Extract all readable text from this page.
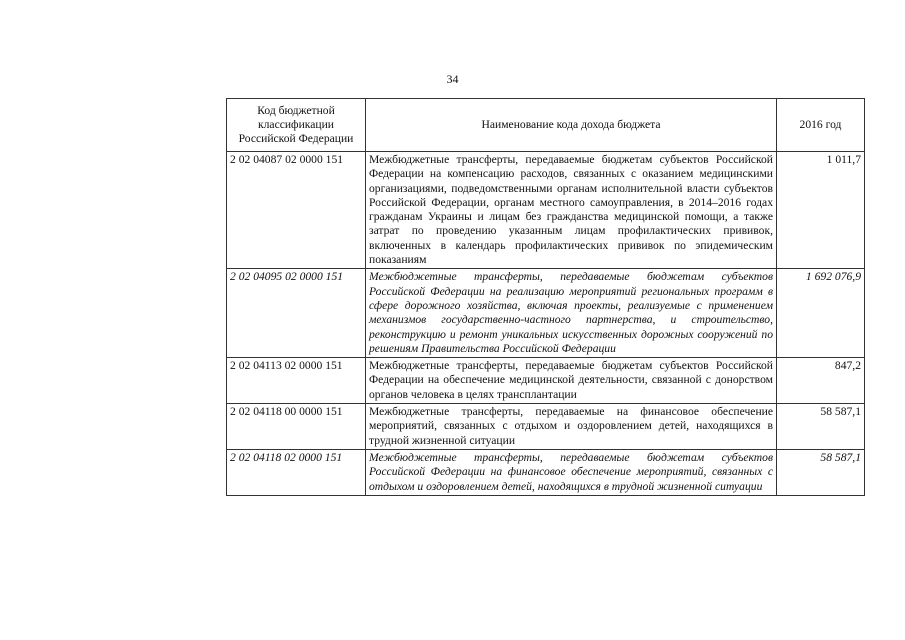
34
Код бюджетной классификации Российской Федерации	Наименование кода дохода бюджета	2016 год
2 02 04087 02 0000 151	Межбюджетные трансферты, передаваемые бюджетам субъектов Российской Федерации на компенсацию расходов, связанных с оказанием медицинскими организациями, подведомственными органам исполнительной власти субъектов Российской Федерации, органам местного самоуправления, в 2014–2016 годах гражданам Украины и лицам без гражданства медицинской помощи, а также затрат по проведению указанным лицам профилактических прививок, включенных в календарь профилактических прививок по эпидемическим показаниям	1 011,7
2 02 04095 02 0000 151	Межбюджетные трансферты, передаваемые бюджетам субъектов Российской Федерации на реализацию мероприятий региональных программ в сфере дорожного хозяйства, включая проекты, реализуемые с применением механизмов государственно-частного партнерства, и строительство, реконструкцию и ремонт уникальных искусственных дорожных сооружений по решениям Правительства Российской Федерации	1 692 076,9
2 02 04113 02 0000 151	Межбюджетные трансферты, передаваемые бюджетам субъектов Российской Федерации на обеспечение медицинской деятельности, связанной с донорством органов человека в целях трансплантации	847,2
2 02 04118 00 0000 151	Межбюджетные трансферты, передаваемые на финансовое обеспечение мероприятий, связанных с отдыхом и оздоровлением детей, находящихся в трудной жизненной ситуации	58 587,1
2 02 04118 02 0000 151	Межбюджетные трансферты, передаваемые бюджетам субъектов Российской Федерации на финансовое обеспечение мероприятий, связанных с отдыхом и оздоровлением детей, находящихся в трудной жизненной ситуации	58 587,1
